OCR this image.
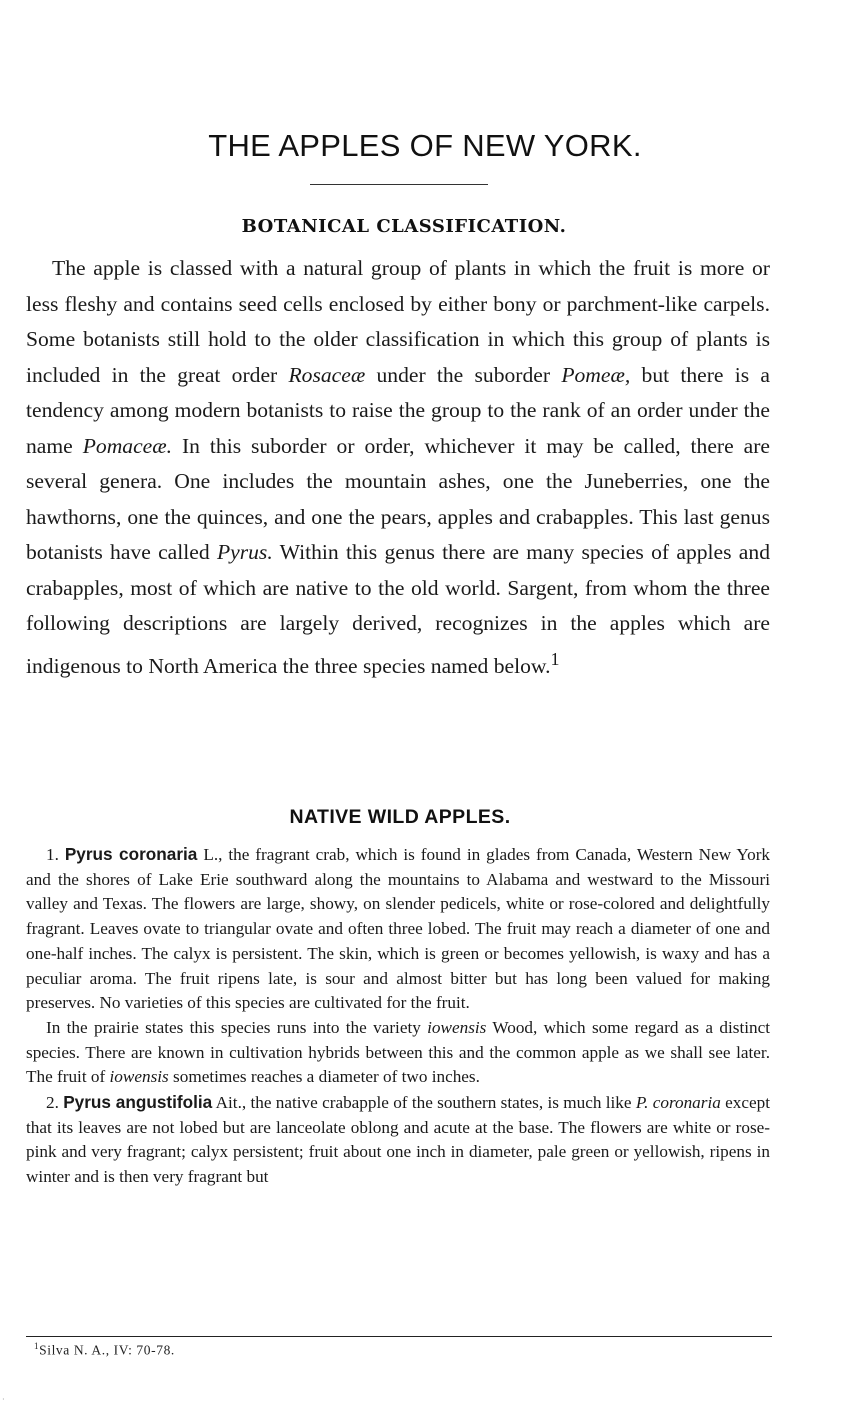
THE APPLES OF NEW YORK.
BOTANICAL CLASSIFICATION.

The apple is classed with a natural group of plants in which the fruit is more or less fleshy and contains seed cells enclosed by either bony or parchment-like carpels. Some botanists still hold to the older classification in which this group of plants is included in the great order Rosaceæ under the suborder Pomeæ, but there is a tendency among modern botanists to raise the group to the rank of an order under the name Pomaceæ. In this suborder or order, whichever it may be called, there are several genera. One includes the mountain ashes, one the Juneberries, one the hawthorns, one the quinces, and one the pears, apples and crabapples. This last genus botanists have called Pyrus. Within this genus there are many species of apples and crabapples, most of which are native to the old world. Sargent, from whom the three following descriptions are largely derived, recognizes in the apples which are indigenous to North America the three species named below.$^1$

NATIVE WILD APPLES.

1. Pyrus coronaria L., the fragrant crab, which is found in glades from Canada, Western New York and the shores of Lake Erie southward along the mountains to Alabama and westward to the Missouri valley and Texas. The flowers are large, showy, on slender pedicels, white or rose-colored and delightfully fragrant. Leaves ovate to triangular ovate and often three lobed. The fruit may reach a diameter of one and one-half inches. The calyx is persistent. The skin, which is green or becomes yellowish, is waxy and has a peculiar aroma. The fruit ripens late, is sour and almost bitter but has long been valued for making preserves. No varieties of this species are cultivated for the fruit.

In the prairie states this species runs into the variety iowensis Wood, which some regard as a distinct species. There are known in cultivation hybrids between this and the common apple as we shall see later. The fruit of iowensis sometimes reaches a diameter of two inches.

2. Pyrus angustifolia Ait., the native crabapple of the southern states, is much like P. coronaria except that its leaves are not lobed but are lanceolate oblong and acute at the base. The flowers are white or rose-pink and very fragrant; calyx persistent; fruit about one inch in diameter, pale green or yellowish, ripens in winter and is then very fragrant but

$^1$Silva N. A., IV: 70-78.
·
